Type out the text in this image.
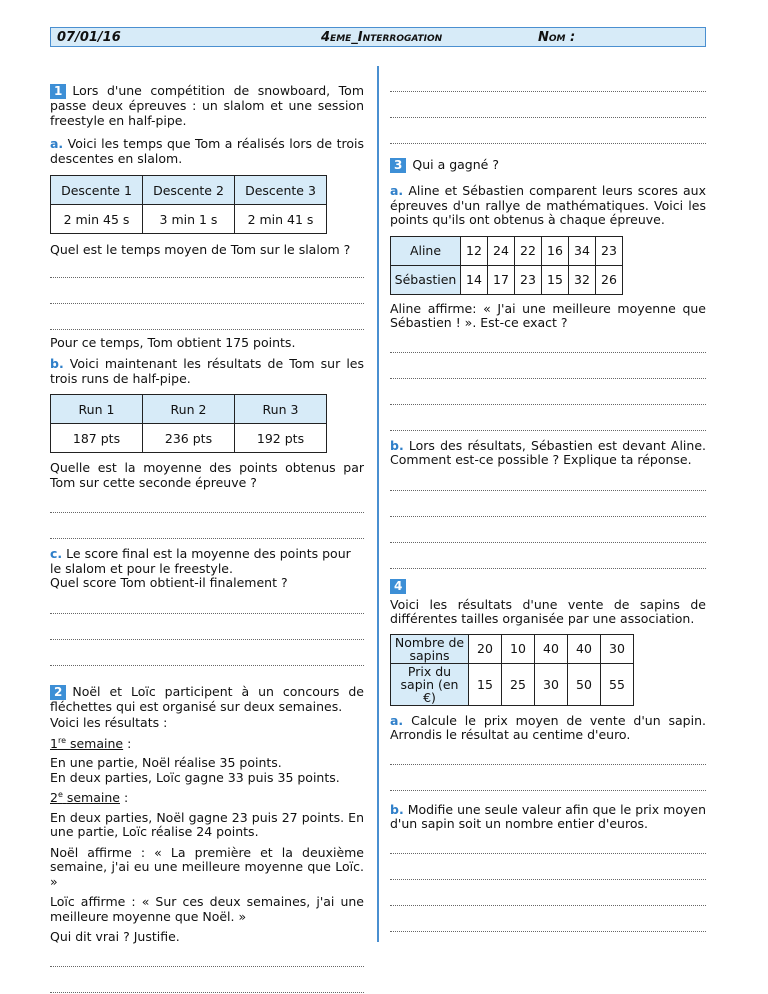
07/01/16	4eme_Interrogation	Nom :

1 Lors d'une compétition de snowboard, Tom passe deux épreuves : un slalom et une session freestyle en half-pipe.

a. Voici les temps que Tom a réalisés lors de trois descentes en slalom.

Descente 1	Descente 2	Descente 3
2 min 45 s	3 min 1 s	2 min 41 s

Quel est le temps moyen de Tom sur le slalom ?

Pour ce temps, Tom obtient 175 points.

b. Voici maintenant les résultats de Tom sur les trois runs de half-pipe.

Run 1	Run 2	Run 3
187 pts	236 pts	192 pts

Quelle est la moyenne des points obtenus par Tom sur cette seconde épreuve ?

c. Le score final est la moyenne des points pour le slalom et pour le freestyle.

Quel score Tom obtient-il finalement ?

2 Noël et Loïc participent à un concours de fléchettes qui est organisé sur deux semaines.

Voici les résultats :

1re semaine :

En une partie, Noël réalise 35 points.

En deux parties, Loïc gagne 33 puis 35 points.

2e semaine :

En deux parties, Noël gagne 23 puis 27 points. En une partie, Loïc réalise 24 points.

Noël affirme : « La première et la deuxième semaine, j'ai eu une meilleure moyenne que Loïc. »

Loïc affirme : « Sur ces deux semaines, j'ai une meilleure moyenne que Noël. »

Qui dit vrai ? Justifie.

3 Qui a gagné ?

a. Aline et Sébastien comparent leurs scores aux épreuves d'un rallye de mathématiques. Voici les points qu'ils ont obtenus à chaque épreuve.

Aline	12	24	22	16	34	23
Sébastien	14	17	23	15	32	26

Aline affirme: « J'ai une meilleure moyenne que Sébastien ! ». Est-ce exact ?

b. Lors des résultats, Sébastien est devant Aline. Comment est-ce possible ? Explique ta réponse.

4

Voici les résultats d'une vente de sapins de différentes tailles organisée par une association.

Nombre de sapins	20	10	40	40	30
Prix du sapin (en €)	15	25	30	50	55

a. Calcule le prix moyen de vente d'un sapin. Arrondis le résultat au centime d'euro.

b. Modifie une seule valeur afin que le prix moyen d'un sapin soit un nombre entier d'euros.
